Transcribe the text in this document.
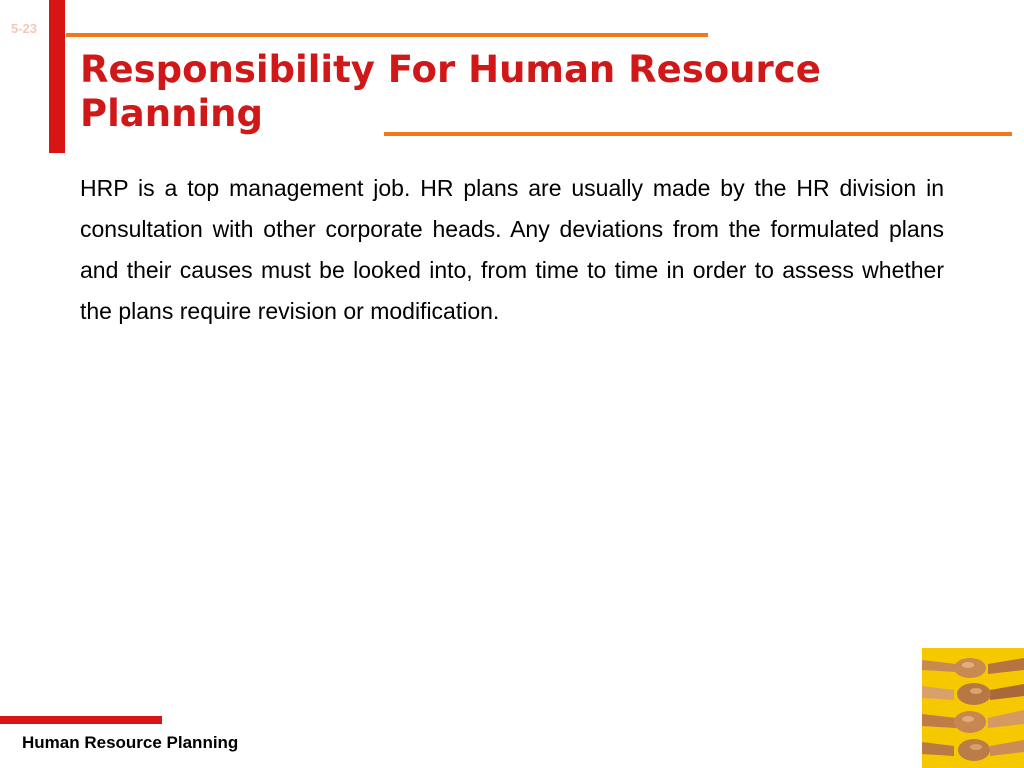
5-23
Responsibility For Human Resource Planning

HRP is a top management job. HR plans are usually made by the HR division in consultation with other corporate heads. Any deviations from the formulated plans and their causes must be looked into, from time to time in order to assess whether the plans require revision or modification.

Human Resource Planning
